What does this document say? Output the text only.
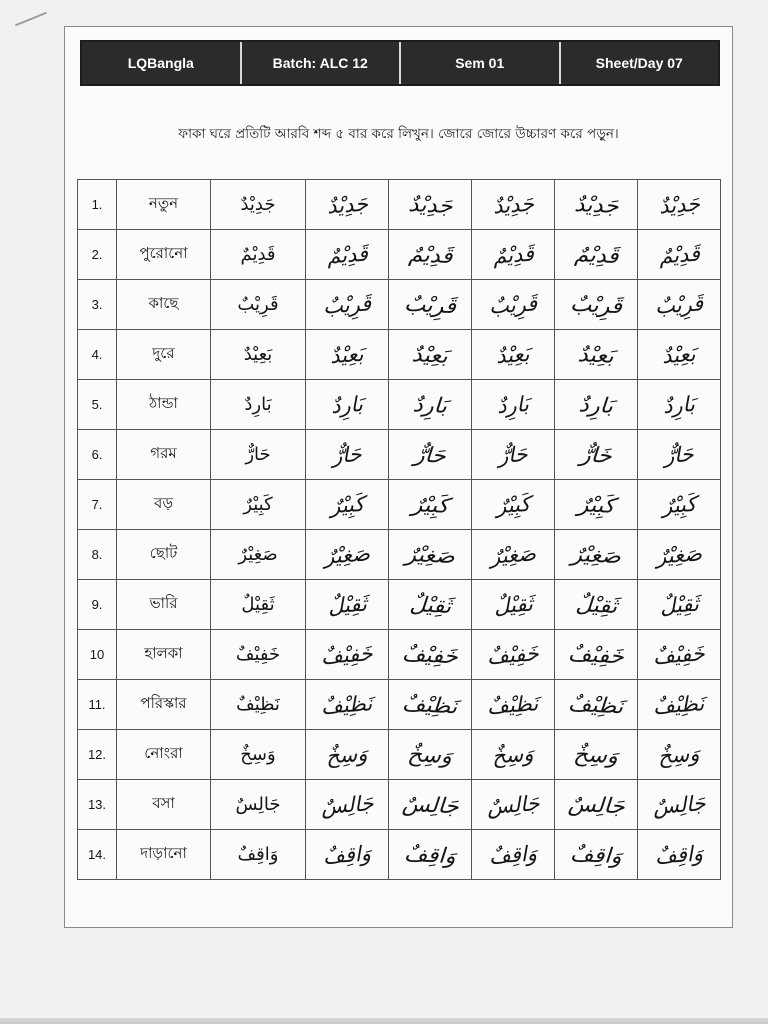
LQBangla	Batch: ALC 12	Sem 01	Sheet/Day 07
ফাকা ঘরে প্রতিটি আরবি শব্দ ৫ বার করে লিখুন। জোরে জোরে উচ্চারণ করে পড়ুন।
1.	নতুন	جَدِيْدٌ	جَدِيْدٌ	جَدِيْدٌ	جَدِيْدٌ	جَدِيْدٌ	جَدِيْدٌ
2.	পুরোনো	قَدِيْمٌ	قَدِيْمٌ	قَدِيْمٌ	قَدِيْمٌ	قَدِيْمٌ	قَدِيْمٌ
3.	কাছে	قَرِيْبٌ	قَرِيْبٌ	قَرِيْبٌ	قَرِيْبٌ	قَرِيْبٌ	قَرِيْبٌ
4.	দুরে	بَعِيْدٌ	بَعِيْدٌ	بَعِيْدٌ	بَعِيْدٌ	بَعِيْدٌ	بَعِيْدٌ
5.	ঠান্ডা	بَارِدٌ	بَارِدٌ	بَارِدٌ	بَارِدٌ	بَارِدٌ	بَارِدٌ
6.	গরম	حَارٌّ	حَارٌّ	حَارٌّ	حَارٌّ	خَارٌّ	حَارٌّ
7.	বড়	كَبِيْرٌ	كَبِيْرٌ	كَبِيْرٌ	كَبِيْرٌ	كَبِيْرٌ	كَبِيْرٌ
8.	ছোট	صَغِيْرٌ	صَغِيْرٌ	صَغِيْرٌ	صَغِيْرٌ	صَغِيْرٌ	صَغِيْرٌ
9.	ভারি	ثَقِيْلٌ	ثَقِيْلٌ	ثَقِيْلٌ	ثَقِيْلٌ	ثَقِيْلٌ	ثَقِيْلٌ
10	হালকা	خَفِيْفٌ	خَفِيْفٌ	خَفِيْفٌ	خَفِيْفٌ	خَفِيْفٌ	خَفِيْفٌ
11.	পরিস্কার	نَظِيْفٌ	نَظِيْفٌ	نَظِيْفٌ	نَظِيْفٌ	نَظِيْفٌ	نَظِيْفٌ
12.	নোংরা	وَسِخٌ	وَسِخٌ	وَسِخٌ	وَسِخٌ	وَسِخٌ	وَسِخٌ
13.	বসা	جَالِسٌ	جَالِسٌ	جَالِسٌ	جَالِسٌ	جَالِسٌ	جَالِسٌ
14.	দাড়ানো	وَاقِفٌ	وَاقِفٌ	وَاقِفٌ	وَاقِفٌ	وَاقِفٌ	وَاقِفٌ
